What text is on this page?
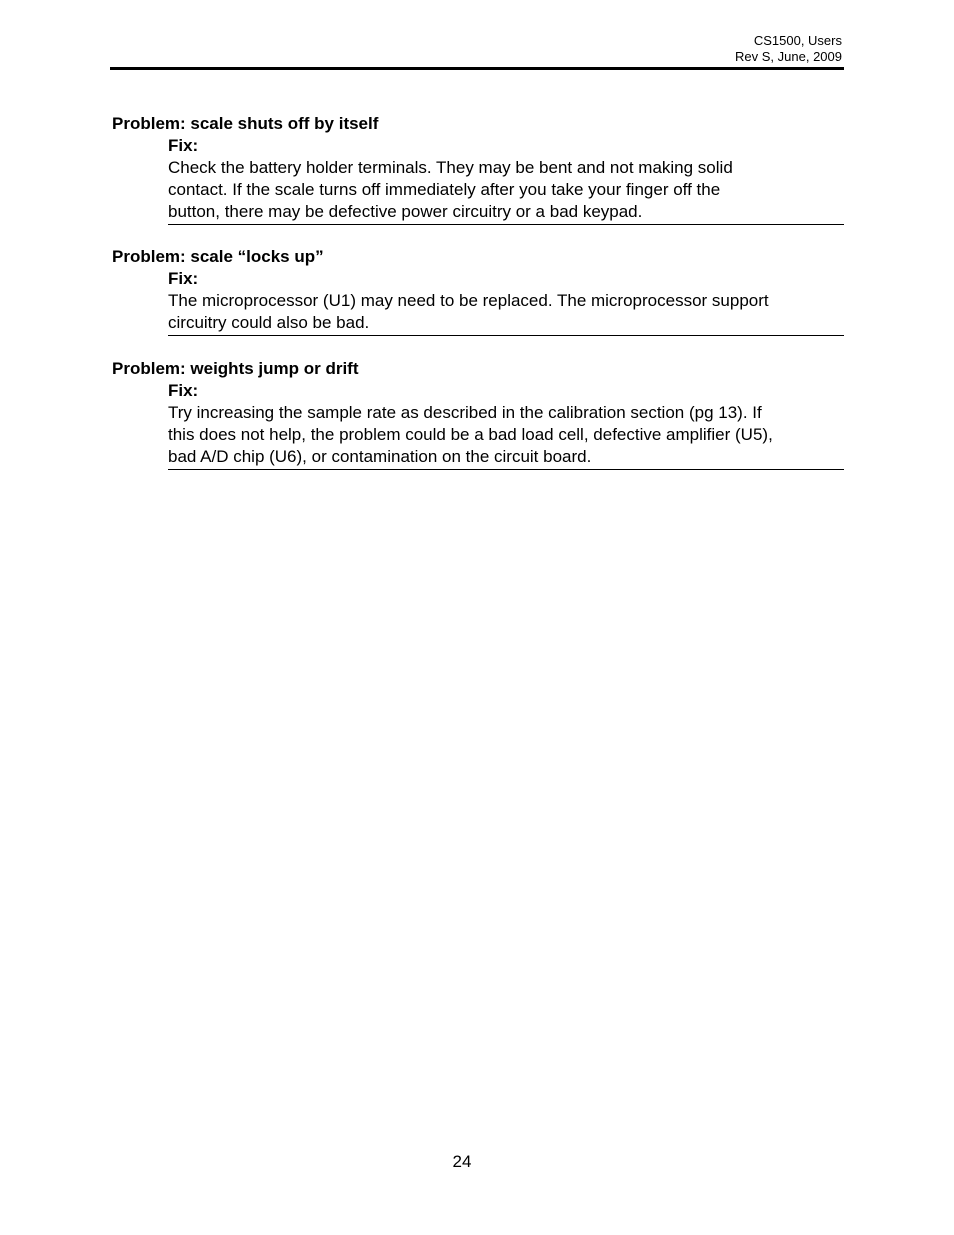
CS1500, Users
Rev S, June, 2009
Problem: scale shuts off by itself
Fix:
Check the battery holder terminals. They may be bent and not making solid
contact. If the scale turns off immediately after you take your finger off the
button, there may be defective power circuitry or a bad keypad.
Problem: scale “locks up”
Fix:
The microprocessor (U1) may need to be replaced. The microprocessor support
circuitry could also be bad.
Problem: weights jump or drift
Fix:
Try increasing the sample rate as described in the calibration section (pg 13). If
this does not help, the problem could be a bad load cell, defective amplifier (U5),
bad A/D chip (U6), or contamination on the circuit board.
24
